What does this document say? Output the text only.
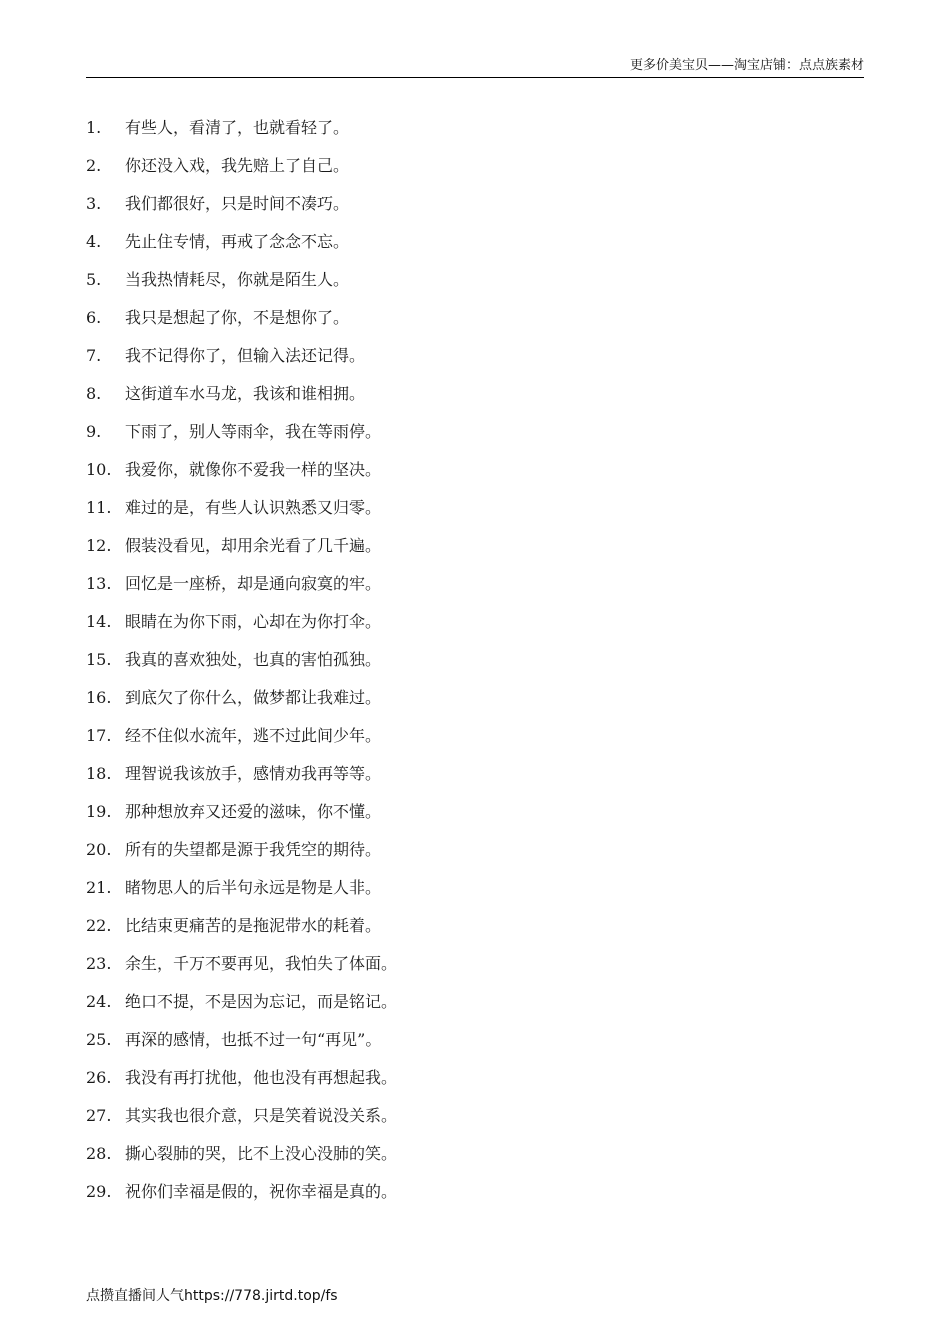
更多价美宝贝——淘宝店铺：点点族素材
1. 有些人，看清了，也就看轻了。
2. 你还没入戏，我先赔上了自己。
3. 我们都很好，只是时间不凑巧。
4. 先止住专情，再戒了念念不忘。
5. 当我热情耗尽，你就是陌生人。
6. 我只是想起了你，不是想你了。
7. 我不记得你了，但输入法还记得。
8. 这街道车水马龙，我该和谁相拥。
9. 下雨了，别人等雨伞，我在等雨停。
10. 我爱你，就像你不爱我一样的坚决。
11. 难过的是，有些人认识熟悉又归零。
12. 假装没看见，却用余光看了几千遍。
13. 回忆是一座桥，却是通向寂寞的牢。
14. 眼睛在为你下雨，心却在为你打伞。
15. 我真的喜欢独处，也真的害怕孤独。
16. 到底欠了你什么，做梦都让我难过。
17. 经不住似水流年，逃不过此间少年。
18. 理智说我该放手，感情劝我再等等。
19. 那种想放弃又还爱的滋味，你不懂。
20. 所有的失望都是源于我凭空的期待。
21. 睹物思人的后半句永远是物是人非。
22. 比结束更痛苦的是拖泥带水的耗着。
23. 余生，千万不要再见，我怕失了体面。
24. 绝口不提，不是因为忘记，而是铭记。
25. 再深的感情，也抵不过一句“再见”。
26. 我没有再打扰他，他也没有再想起我。
27. 其实我也很介意，只是笑着说没关系。
28. 撕心裂肺的哭，比不上没心没肺的笑。
29. 祝你们幸福是假的，祝你幸福是真的。
点攒直播间人气https://778.jirtd.top/fs
